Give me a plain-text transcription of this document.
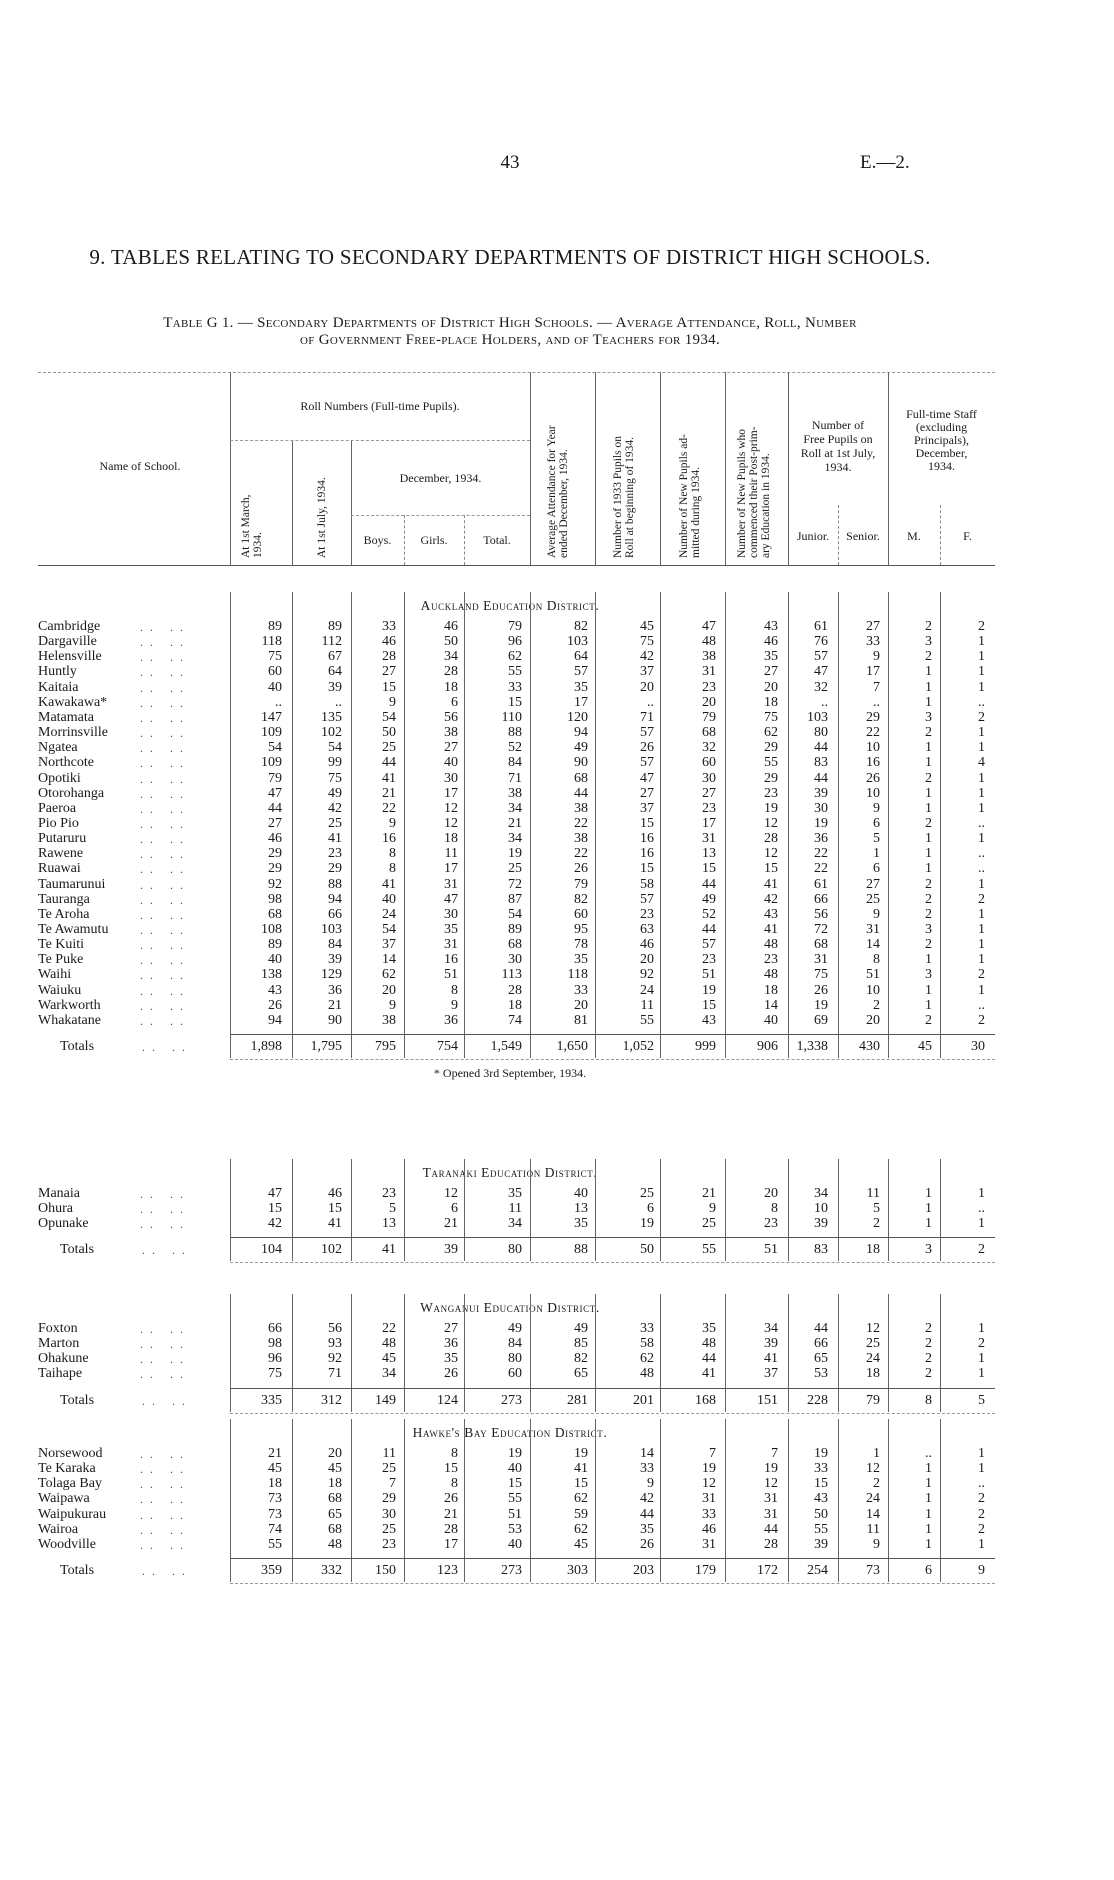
43	E.—2.
9. TABLES RELATING TO SECONDARY DEPARTMENTS OF DISTRICT HIGH SCHOOLS.
Table G 1. — Secondary Departments of District High Schools. — Average Attendance, Roll, Number
of Government Free-place Holders, and of Teachers for 1934.
Roll Numbers (Full-time Pupils).
Name of School.
December, 1934.
Boys.	Girls.	Total.
At 1st March, 1934.	At 1st July, 1934.	Average Attendance for Year ended December, 1934.	Number of 1933 Pupils on Roll at beginning of 1934.	Number of New Pupils ad- mitted during 1934.	Number of New Pupils who commenced their Post-prim- ary Education in 1934.
Number of
Free Pupils on
Roll at 1st July,
1934.
Junior.	Senior.
Full-time Staff
(excluding
Principals),
December,
1934.
M.	F.
Auckland Education District.
Cambridge	.. ..	89	89	33	46	79	82	45	47	43	61	27	2	2
Dargaville	.. ..	118	112	46	50	96	103	75	48	46	76	33	3	1
Helensville	.. ..	75	67	28	34	62	64	42	38	35	57	9	2	1
Huntly	.. ..	60	64	27	28	55	57	37	31	27	47	17	1	1
Kaitaia	.. ..	40	39	15	18	33	35	20	23	20	32	7	1	1
Kawakawa*	.. ..	..	..	9	6	15	17	..	20	18	..	..	1	..
Matamata	.. ..	147	135	54	56	110	120	71	79	75	103	29	3	2
Morrinsville	.. ..	109	102	50	38	88	94	57	68	62	80	22	2	1
Ngatea	.. ..	54	54	25	27	52	49	26	32	29	44	10	1	1
Northcote	.. ..	109	99	44	40	84	90	57	60	55	83	16	1	4
Opotiki	.. ..	79	75	41	30	71	68	47	30	29	44	26	2	1
Otorohanga	.. ..	47	49	21	17	38	44	27	27	23	39	10	1	1
Paeroa	.. ..	44	42	22	12	34	38	37	23	19	30	9	1	1
Pio Pio	.. ..	27	25	9	12	21	22	15	17	12	19	6	2	..
Putaruru	.. ..	46	41	16	18	34	38	16	31	28	36	5	1	1
Rawene	.. ..	29	23	8	11	19	22	16	13	12	22	1	1	..
Ruawai	.. ..	29	29	8	17	25	26	15	15	15	22	6	1	..
Taumarunui	.. ..	92	88	41	31	72	79	58	44	41	61	27	2	1
Tauranga	.. ..	98	94	40	47	87	82	57	49	42	66	25	2	2
Te Aroha	.. ..	68	66	24	30	54	60	23	52	43	56	9	2	1
Te Awamutu	.. ..	108	103	54	35	89	95	63	44	41	72	31	3	1
Te Kuiti	.. ..	89	84	37	31	68	78	46	57	48	68	14	2	1
Te Puke	.. ..	40	39	14	16	30	35	20	23	23	31	8	1	1
Waihi	.. ..	138	129	62	51	113	118	92	51	48	75	51	3	2
Waiuku	.. ..	43	36	20	8	28	33	24	19	18	26	10	1	1
Warkworth	.. ..	26	21	9	9	18	20	11	15	14	19	2	1	..
Whakatane	.. ..	94	90	38	36	74	81	55	43	40	69	20	2	2
Totals	.. ..	1,898	1,795	795	754	1,549	1,650	1,052	999	906	1,338	430	45	30
* Opened 3rd September, 1934.
Taranaki Education District.
Manaia	.. ..	47	46	23	12	35	40	25	21	20	34	11	1	1
Ohura	.. ..	15	15	5	6	11	13	6	9	8	10	5	1	..
Opunake	.. ..	42	41	13	21	34	35	19	25	23	39	2	1	1
Totals	.. ..	104	102	41	39	80	88	50	55	51	83	18	3	2
Wanganui Education District.
Foxton	.. ..	66	56	22	27	49	49	33	35	34	44	12	2	1
Marton	.. ..	98	93	48	36	84	85	58	48	39	66	25	2	2
Ohakune	.. ..	96	92	45	35	80	82	62	44	41	65	24	2	1
Taihape	.. ..	75	71	34	26	60	65	48	41	37	53	18	2	1
Totals	.. ..	335	312	149	124	273	281	201	168	151	228	79	8	5
Hawke's Bay Education District.
Norsewood	.. ..	21	20	11	8	19	19	14	7	7	19	1	..	1
Te Karaka	.. ..	45	45	25	15	40	41	33	19	19	33	12	1	1
Tolaga Bay	.. ..	18	18	7	8	15	15	9	12	12	15	2	1	..
Waipawa	.. ..	73	68	29	26	55	62	42	31	31	43	24	1	2
Waipukurau	.. ..	73	65	30	21	51	59	44	33	31	50	14	1	2
Wairoa	.. ..	74	68	25	28	53	62	35	46	44	55	11	1	2
Woodville	.. ..	55	48	23	17	40	45	26	31	28	39	9	1	1
Totals	.. ..	359	332	150	123	273	303	203	179	172	254	73	6	9
